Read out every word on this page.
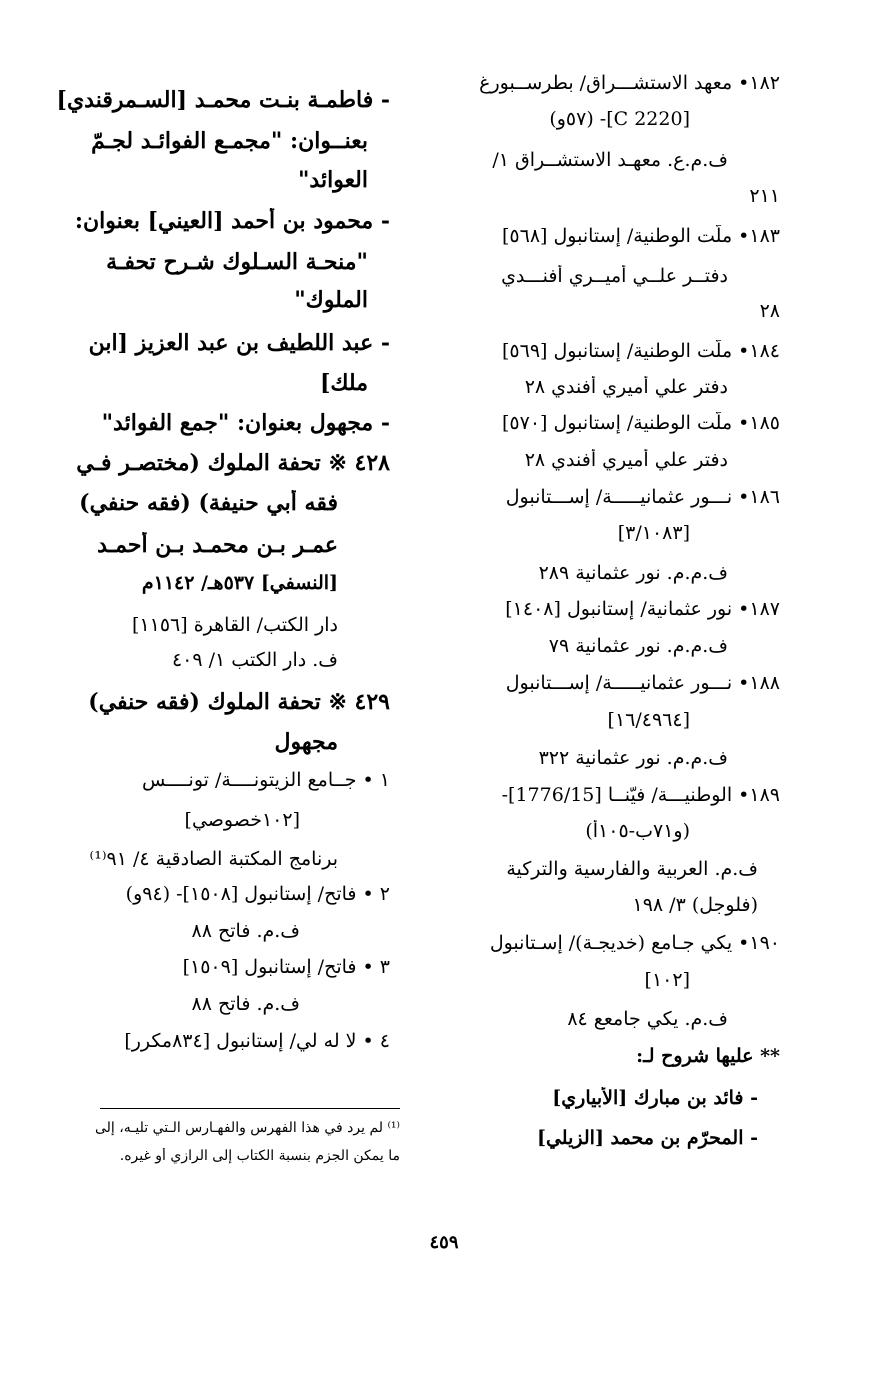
١٨٢• معهد الاستشـــراق/ بطرســبورغ
[C 2220]- (٥٧و)
ف.م.ع. معهـد الاستشــراق ١/
٢١١
١٨٣• ملّت الوطنية/ إستانبول [٥٦٨]
دفتــر علــي أميــري أفنـــدي
٢٨
١٨٤• ملّت الوطنية/ إستانبول [٥٦٩]
دفتر علي أميري أفندي ٢٨
١٨٥• ملّت الوطنية/ إستانبول [٥٧٠]
دفتر علي أميري أفندي ٢٨
١٨٦• نـــور عثمانيـــــة/ إســـتانبول
[٣/١٠٨٣]
ف.م.م. نور عثمانية ٢٨٩
١٨٧• نور عثمانية/ إستانبول [١٤٠٨]
ف.م.م. نور عثمانية ٧٩
١٨٨• نـــور عثمانيـــــة/ إســـتانبول
[١٦/٤٩٦٤]
ف.م.م. نور عثمانية ٣٢٢
١٨٩• الوطنيـــة/ فيّنــا [1776/15]-
(و٧١ب-١٠٥أ)
ف.م. العربية والفارسية والتركية
(فلوجل) ٣/ ١٩٨
١٩٠• يكي جـامع (خديجـة)/ إسـتانبول
[١٠٢]
ف.م. يكي جامعع ٨٤
** عليها شروح لـ:
- فائد بن مبارك [الأبياري]
- المحرّم بن محمد [الزيلي]
- فاطمـة بنـت محمـد [السـمرقندي]
بعنــوان: "مجمـع الفوائـد لجـمّ
العوائد"
- محمود بن أحمد [العيني] بعنوان:
"منحـة السـلوك شـرح تحفـة
الملوك"
- عبد اللطيف بن عبد العزيز [ابن
ملك]
- مجهول بعنوان: "جمع الفوائد"
٤٢٨ ※ تحفة الملوك (مختصـر فـي
فقه أبي حنيفة) (فقه حنفي)
عمـر بـن محمـد بـن أحمـد
[النسفي] ٥٣٧هـ/ ١١٤٢م
دار الكتب/ القاهرة [١١٥٦]
ف. دار الكتب ١/ ٤٠٩
٤٢٩ ※ تحفة الملوك (فقه حنفي)
مجهول
١ • جــامع الزيتونــــة/ تونــــس
[١٠٢خصوصي]
برنامج المكتبة الصادقية ٤/ ٩١⁽¹⁾
٢ • فاتح/ إستانبول [١٥٠٨]- (٩٤و)
ف.م. فاتح ٨٨
٣ • فاتح/ إستانبول [١٥٠٩]
ف.م. فاتح ٨٨
٤ • لا له لي/ إستانبول [٨٣٤مكرر]
⁽¹⁾ لم يرد في هذا الفهرس والفهـارس الـتي تليـه، إلى
ما يمكن الجزم بنسبة الكتاب إلى الرازي أو غيره.
٤٥٩
